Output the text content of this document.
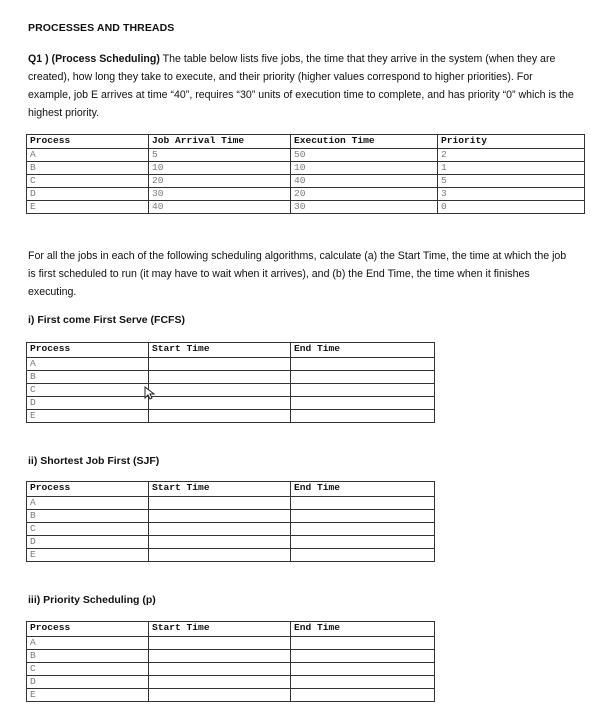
PROCESSES AND THREADS

Q1 ) (Process Scheduling) The table below lists five jobs, the time that they arrive in the system (when they are created), how long they take to execute, and their priority (higher values correspond to higher priorities). For example, job E arrives at time “40”, requires “30” units of execution time to complete, and has priority “0” which is the highest priority.

Process	Job Arrival Time	Execution Time	Priority
A	5	50	2
B	10	10	1
C	20	40	5
D	30	20	3
E	40	30	0

For all the jobs in each of the following scheduling algorithms, calculate (a) the Start Time, the time at which the job is first scheduled to run (it may have to wait when it arrives), and (b) the End Time, the time when it finishes executing.

i) First come First Serve (FCFS)
Process	Start Time	End Time
A		
B		
C		
D		
E		
ii) Shortest Job First (SJF)
Process	Start Time	End Time
A		
B		
C		
D		
E		
iii) Priority Scheduling (p)
Process	Start Time	End Time
A		
B		
C		
D		
E		
